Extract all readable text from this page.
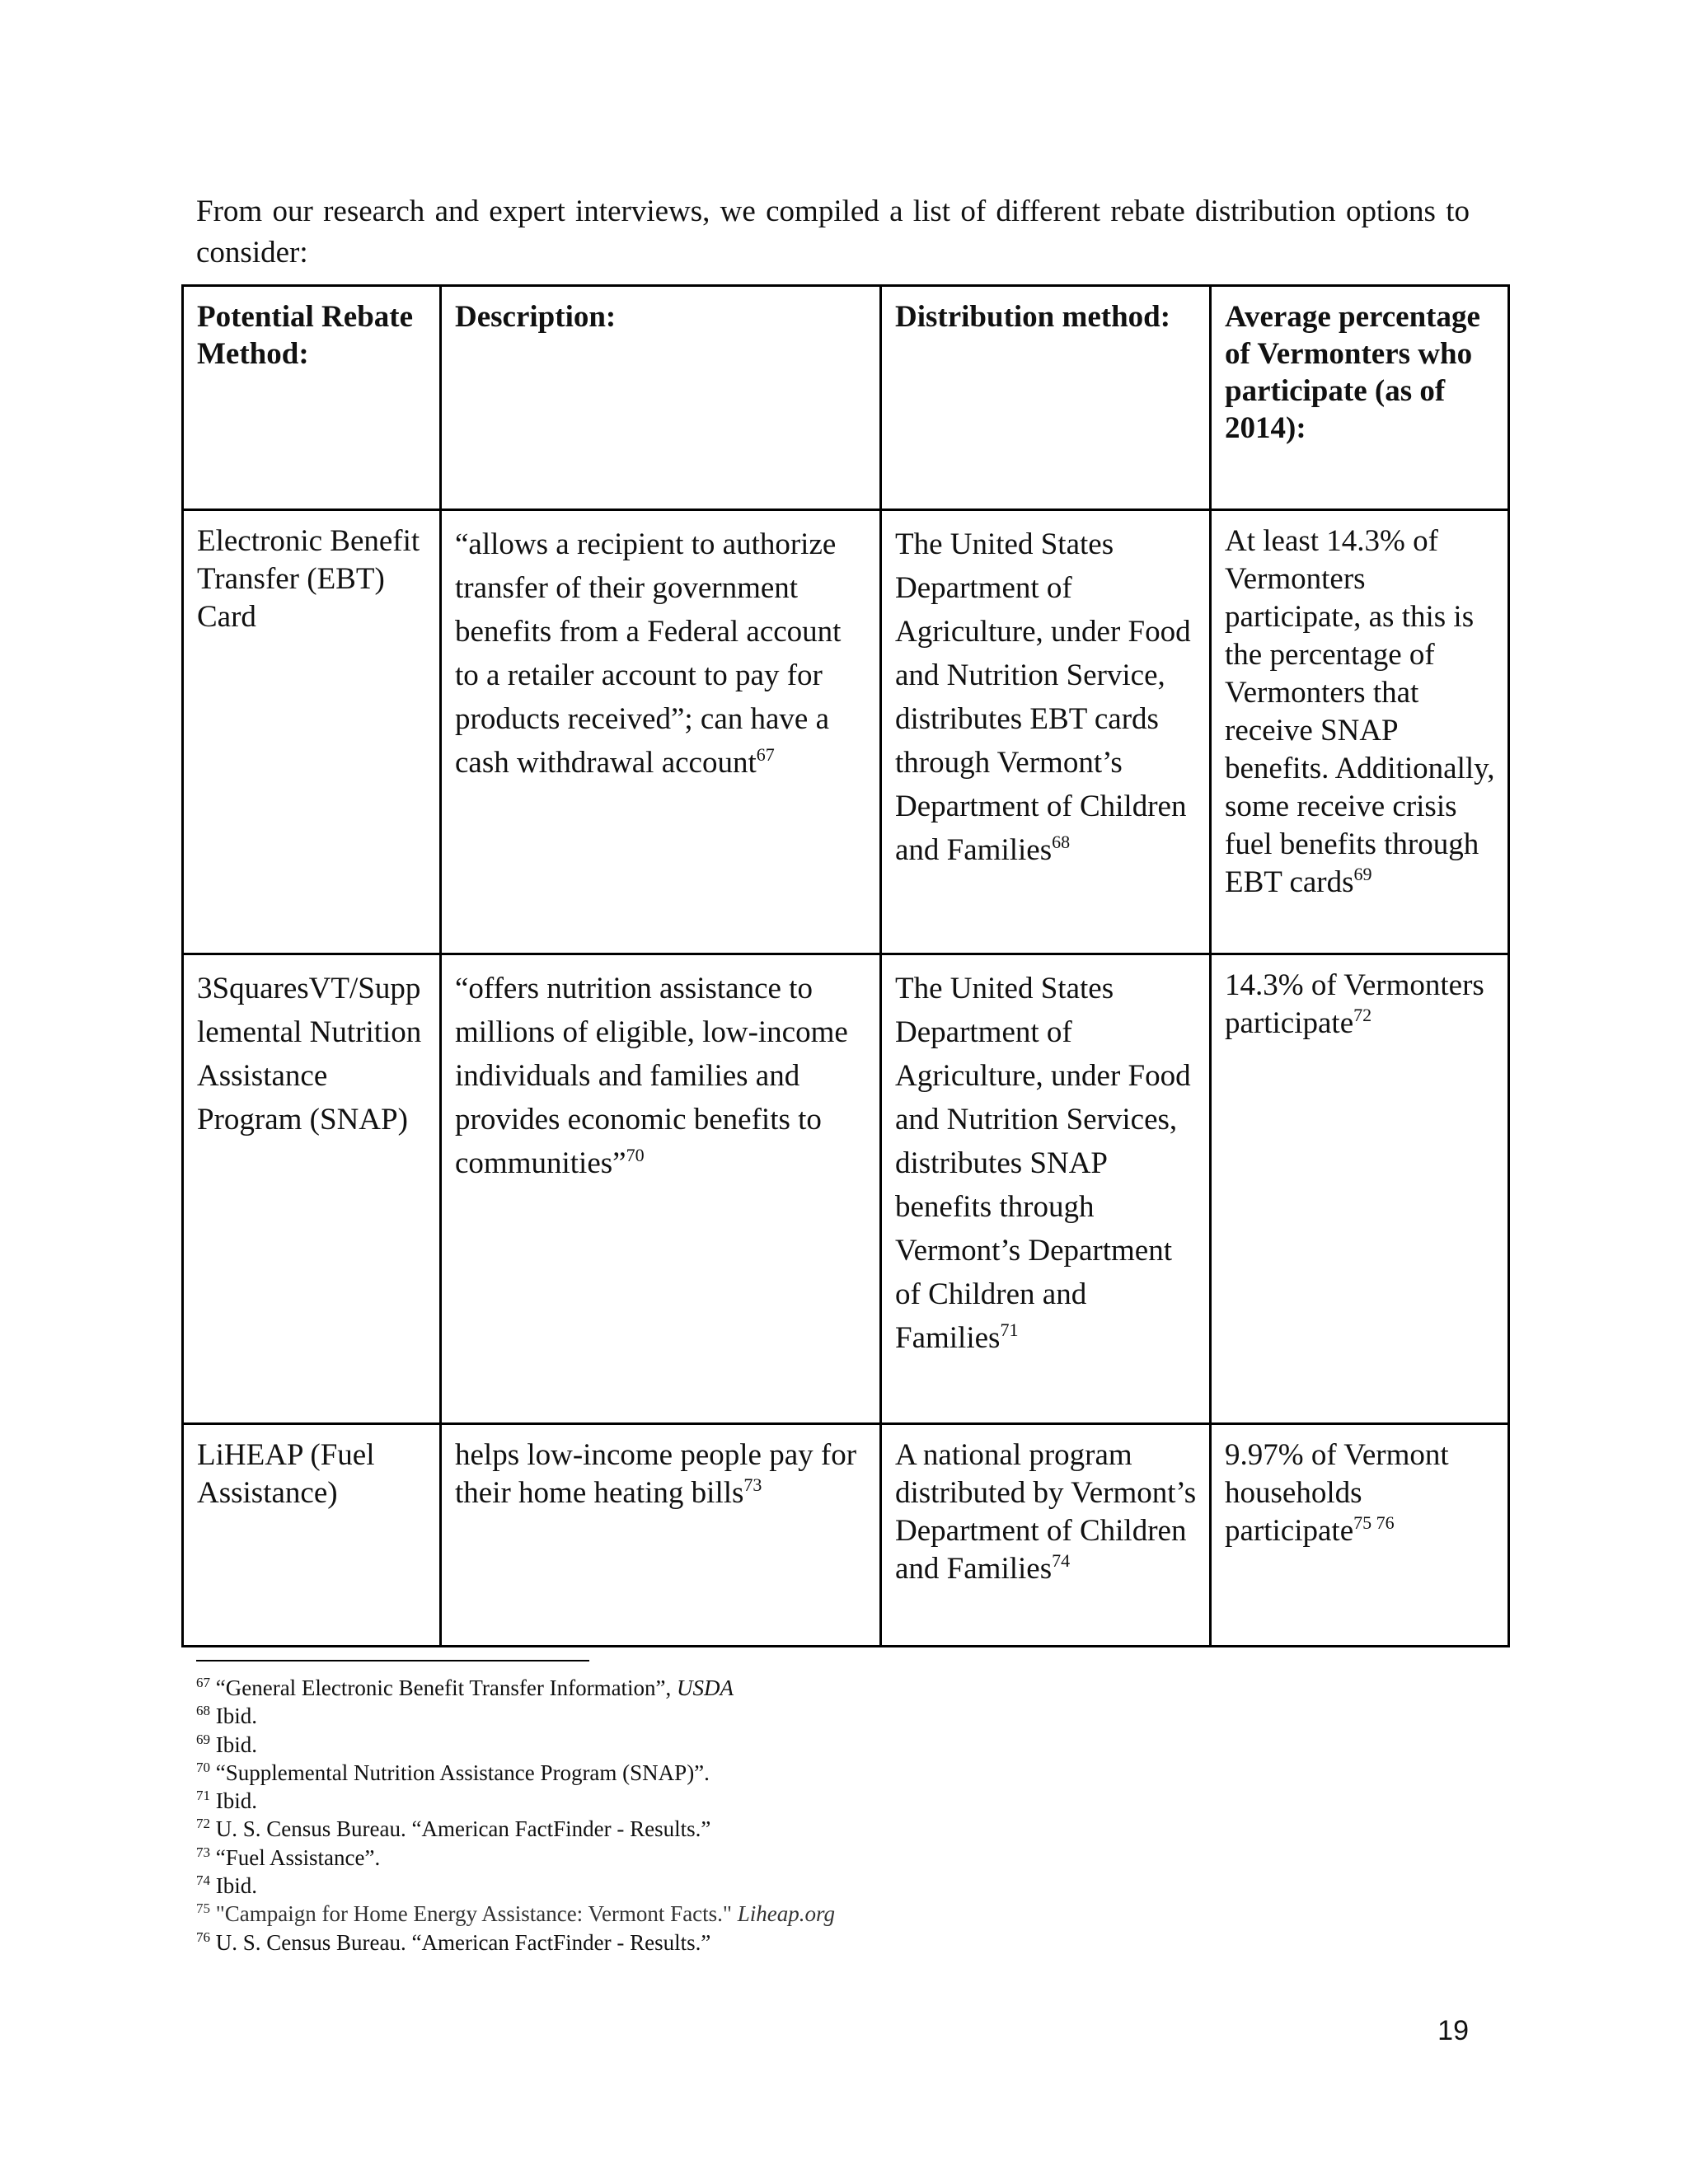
From our research and expert interviews, we compiled a list of different rebate distribution options to consider:

Potential Rebate Method:	Description:	Distribution method:	Average percentage of Vermonters who participate (as of 2014):
Electronic Benefit Transfer (EBT) Card	“allows a recipient to authorize transfer of their government benefits from a Federal account to a retailer account to pay for products received”; can have a cash withdrawal account$^{67}$	The United States Department of Agriculture, under Food and Nutrition Service, distributes EBT cards through Vermont’s Department of Children and Families$^{68}$	At least 14.3% of Vermonters participate, as this is the percentage of Vermonters that receive SNAP benefits. Additionally, some receive crisis fuel benefits through EBT cards$^{69}$
3SquaresVT/Supplemental Nutrition Assistance Program (SNAP)	“offers nutrition assistance to millions of eligible, low-income individuals and families and provides economic benefits to communities”$^{70}$	The United States Department of Agriculture, under Food and Nutrition Services, distributes SNAP benefits through Vermont’s Department of Children and Families$^{71}$	14.3% of Vermonters participate$^{72}$
LiHEAP (Fuel Assistance)	helps low-income people pay for their home heating bills$^{73}$	A national program distributed by Vermont’s Department of Children and Families$^{74}$	9.97% of Vermont households participate$^{75 76}$
$^{67}$ “General Electronic Benefit Transfer Information”, USDA
$^{68}$ Ibid.
$^{69}$ Ibid.
$^{70}$ “Supplemental Nutrition Assistance Program (SNAP)”.
$^{71}$ Ibid.
$^{72}$ U. S. Census Bureau. “American FactFinder - Results.”
$^{73}$ “Fuel Assistance”.
$^{74}$ Ibid.
$^{75}$ "Campaign for Home Energy Assistance: Vermont Facts." Liheap.org
$^{76}$ U. S. Census Bureau. “American FactFinder - Results.”
19
